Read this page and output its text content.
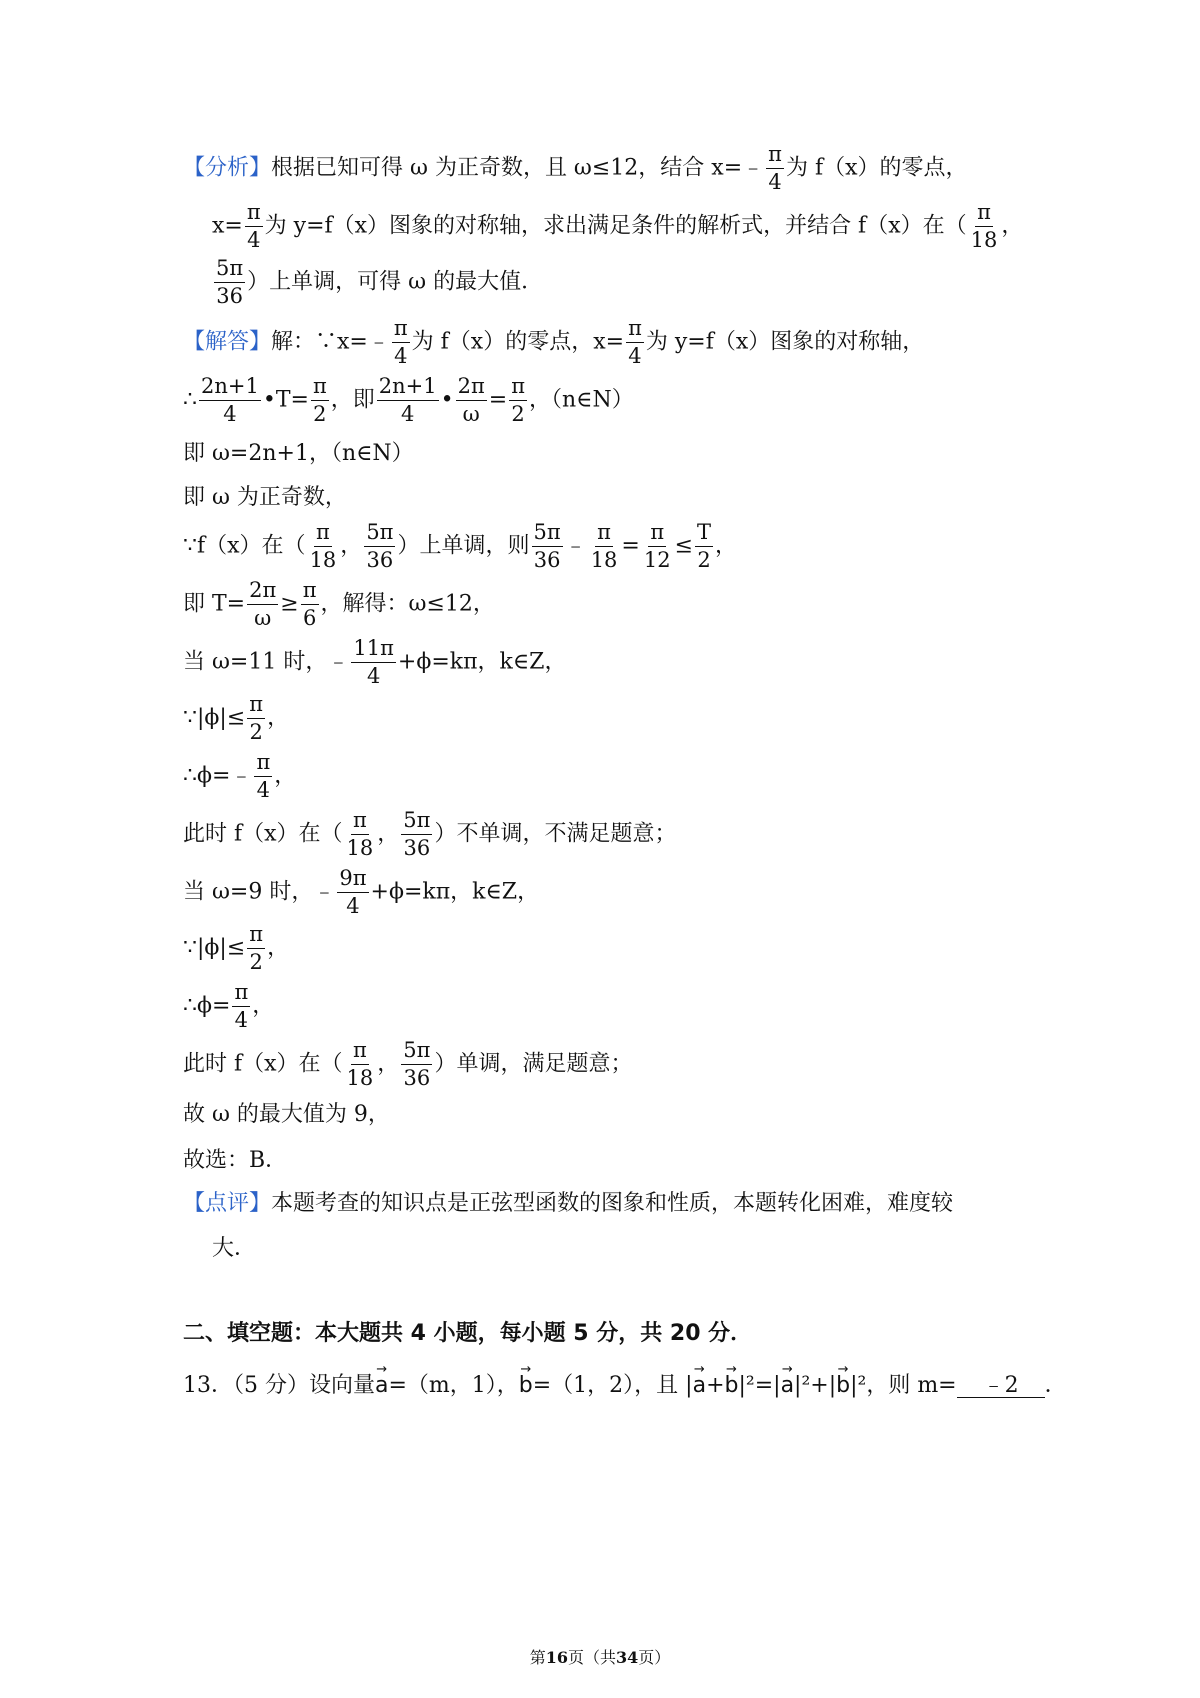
【分析】根据已知可得 ω 为正奇数，且 ω≤12，结合 x=﹣ $\frac{\pi}{4}$ 为 f（x）的零点，
$x= \frac{\pi}{4}$ 为 y=f（x）图象的对称轴，求出满足条件的解析式，并结合 f（x）在（ $\frac{\pi}{18}$ ，
$\frac{5\pi}{36}$ ）上单调，可得 ω 的最大值．
【解答】解：∵x=﹣ $\frac{\pi}{4}$ 为 f（x）的零点，$x= \frac{\pi}{4}$ 为 y=f（x）图象的对称轴，
∴ $\frac{2n+1}{4}$ •T= $\frac{\pi}{2}$ ，即 $\frac{2n+1}{4}$ • $\frac{2\pi}{\omega} = \frac{\pi}{2}$ ，（n∈N）
即 ω=2n+1，（n∈N）
即 ω 为正奇数，
∵f（x）在（ $\frac{\pi}{18}$ ， $\frac{5\pi}{36}$ ）上单调，则 $\frac{5\pi}{36}$ ﹣ $\frac{\pi}{18} = \frac{\pi}{12} \le \frac{T}{2}$ ，
即 $T= \frac{2\pi}{\omega} \ge \frac{\pi}{6}$ ，解得：ω≤12，
当 ω=11 时，﹣ $\frac{11\pi}{4} +\phi=k\pi$，k∈Z，
∵|ϕ|≤ $\frac{\pi}{2}$ ，
∴ϕ=﹣ $\frac{\pi}{4}$ ，
此时 f（x）在（ $\frac{\pi}{18}$ ， $\frac{5\pi}{36}$ ）不单调，不满足题意；
当 ω=9 时，﹣ $\frac{9\pi}{4} +\phi=k\pi$，k∈Z，
∵|ϕ|≤ $\frac{\pi}{2}$ ，
∴ϕ= $\frac{\pi}{4}$ ，
此时 f（x）在（ $\frac{\pi}{18}$ ， $\frac{5\pi}{36}$ ）单调，满足题意；
故 ω 的最大值为 9，
故选：B．
【点评】本题考查的知识点是正弦型函数的图象和性质，本题转化困难，难度较
大．
二、填空题：本大题共 4 小题，每小题 5 分，共 20 分．
13．（5 分）设向量→ a=（m，1），→ b=（1，2），且 |→ a+→ b|²=|→ a|²+|→ b|²，则 m= ﹣2 ．
第16页（共34页）
